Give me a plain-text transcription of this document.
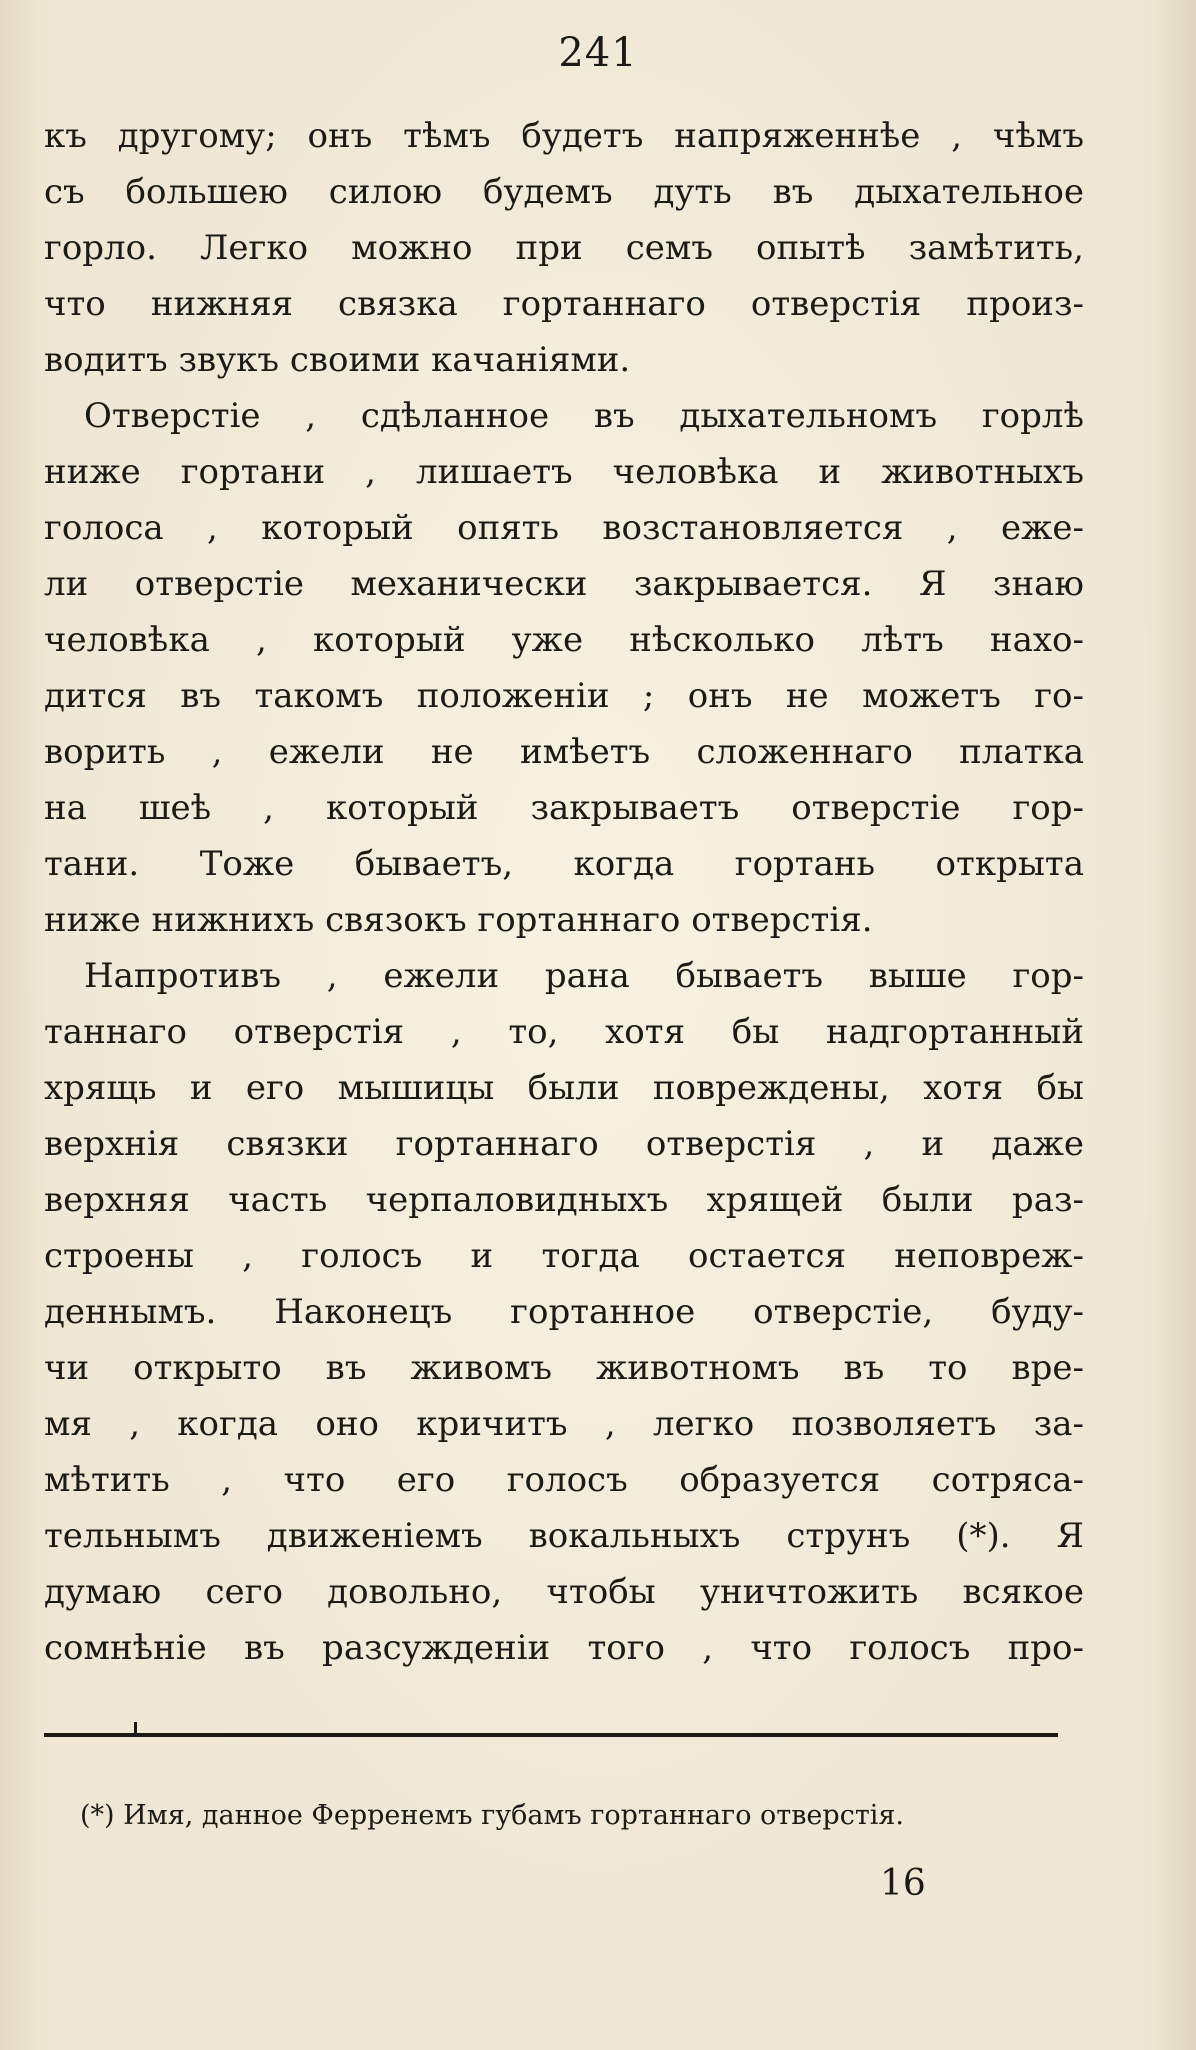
241
къ другому; онъ тѣмъ будетъ напряженнѣе , чѣмъ
съ большею силою будемъ дуть въ дыхательное
горло. Легко можно при семъ опытѣ замѣтить,
что нижняя связка гортаннаго отверстія произ-
водитъ звукъ своими качаніями.
Отверстіе , сдѣланное въ дыхательномъ горлѣ
ниже гортани , лишаетъ человѣка и животныхъ
голоса , который опять возстановляется , еже-
ли отверстіе механически закрывается. Я знаю
человѣка , который уже нѣсколько лѣтъ нахо-
дится въ такомъ положеніи ; онъ не можетъ го-
ворить , ежели не имѣетъ сложеннаго платка
на шеѣ , который закрываетъ отверстіе гор-
тани. Тоже бываетъ, когда гортань открыта
ниже нижнихъ связокъ гортаннаго отверстія.
Напротивъ , ежели рана бываетъ выше гор-
таннаго отверстія , то, хотя бы надгортанный
хрящь и его мышицы были повреждены, хотя бы
верхнія связки гортаннаго отверстія , и даже
верхняя часть черпаловидныхъ хрящей были раз-
строены , голосъ и тогда остается неповреж-
деннымъ. Наконецъ гортанное отверстіе, буду-
чи открыто въ живомъ животномъ въ то вре-
мя , когда оно кричитъ , легко позволяетъ за-
мѣтить , что его голосъ образуется сотряса-
тельнымъ движеніемъ вокальныхъ струнъ (*). Я
думаю сего довольно, чтобы уничтожить всякое
сомнѣніе въ разсужденіи того , что голосъ про-
(*) Имя, данное Ферренемъ губамъ гортаннаго отверстія.
16
